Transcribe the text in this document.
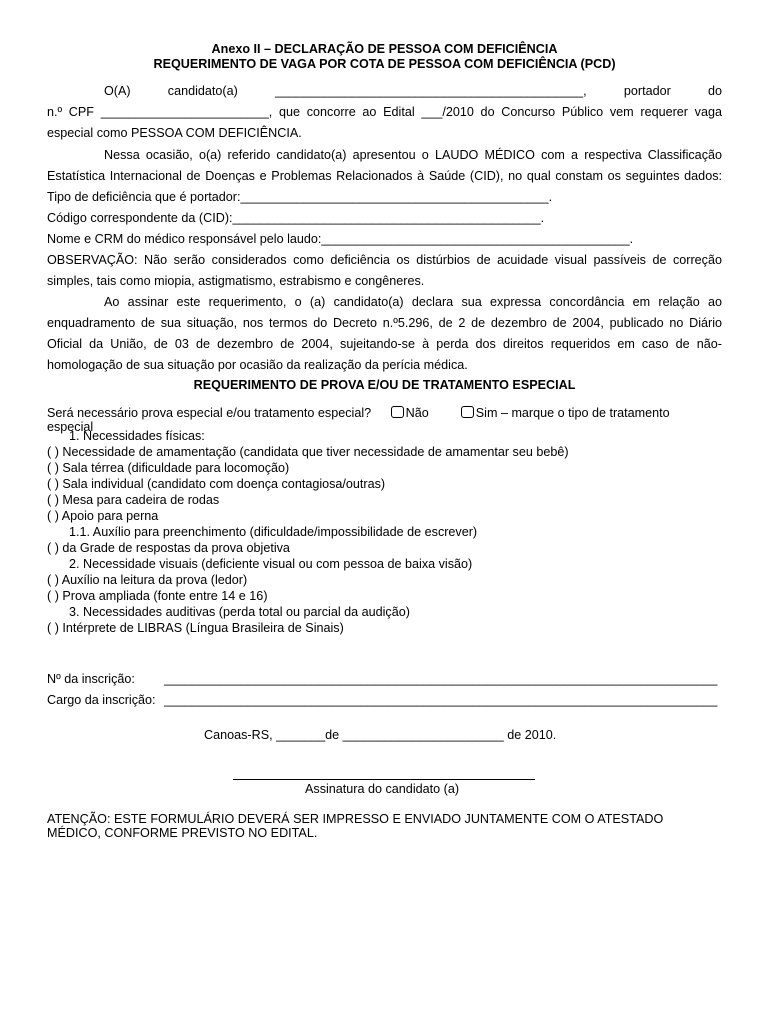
Anexo II – DECLARAÇÃO DE PESSOA COM DEFICIÊNCIA
REQUERIMENTO DE VAGA POR COTA DE PESSOA COM DEFICIÊNCIA (PCD)
O(A) candidato(a) ____________________________________________, portador do
n.º CPF ________________________, que concorre ao Edital ___/2010 do Concurso Público vem requerer vaga
especial como PESSOA COM DEFICIÊNCIA.
Nessa ocasião, o(a) referido candidato(a) apresentou o LAUDO MÉDICO com a respectiva Classificação
Estatística Internacional de Doenças e Problemas Relacionados à Saúde (CID), no qual constam os seguintes dados:
Tipo de deficiência que é portador:____________________________________________.
Código correspondente da (CID):____________________________________________.
Nome e CRM do médico responsável pelo laudo:____________________________________________.
OBSERVAÇÃO: Não serão considerados como deficiência os distúrbios de acuidade visual passíveis de correção
simples, tais como miopia, astigmatismo, estrabismo e congêneres.
Ao assinar este requerimento, o (a) candidato(a) declara sua expressa concordância em relação ao
enquadramento de sua situação, nos termos do Decreto n.º5.296, de 2 de dezembro de 2004, publicado no Diário
Oficial da União, de 03 de dezembro de 2004, sujeitando-se à perda dos direitos requeridos em caso de não-
homologação de sua situação por ocasião da realização da perícia médica.
REQUERIMENTO DE PROVA E/OU DE TRATAMENTO ESPECIAL
Será necessário prova especial e/ou tratamento especial?	Não	Sim – marque o tipo de tratamento
especial
1. Necessidades físicas:
( ) Necessidade de amamentação (candidata que tiver necessidade de amamentar seu bebê)
( ) Sala térrea (dificuldade para locomoção)
( ) Sala individual (candidato com doença contagiosa/outras)
( ) Mesa para cadeira de rodas
( ) Apoio para perna
1.1. Auxílio para preenchimento (dificuldade/impossibilidade de escrever)
( ) da Grade de respostas da prova objetiva
2. Necessidade visuais (deficiente visual ou com pessoa de baixa visão)
( ) Auxílio na leitura da prova (ledor)
( ) Prova ampliada (fonte entre 14 e 16)
3. Necessidades auditivas (perda total ou parcial da audição)
( ) Intérprete de LIBRAS (Língua Brasileira de Sinais)
Nº da inscrição: _______________________________________________________________________________
Cargo da inscrição: _______________________________________________________________________________
Canoas-RS, _______de _______________________ de 2010.
Assinatura do candidato (a)
ATENÇÃO: ESTE FORMULÁRIO DEVERÁ SER IMPRESSO E ENVIADO JUNTAMENTE COM O ATESTADO
MÉDICO, CONFORME PREVISTO NO EDITAL.
